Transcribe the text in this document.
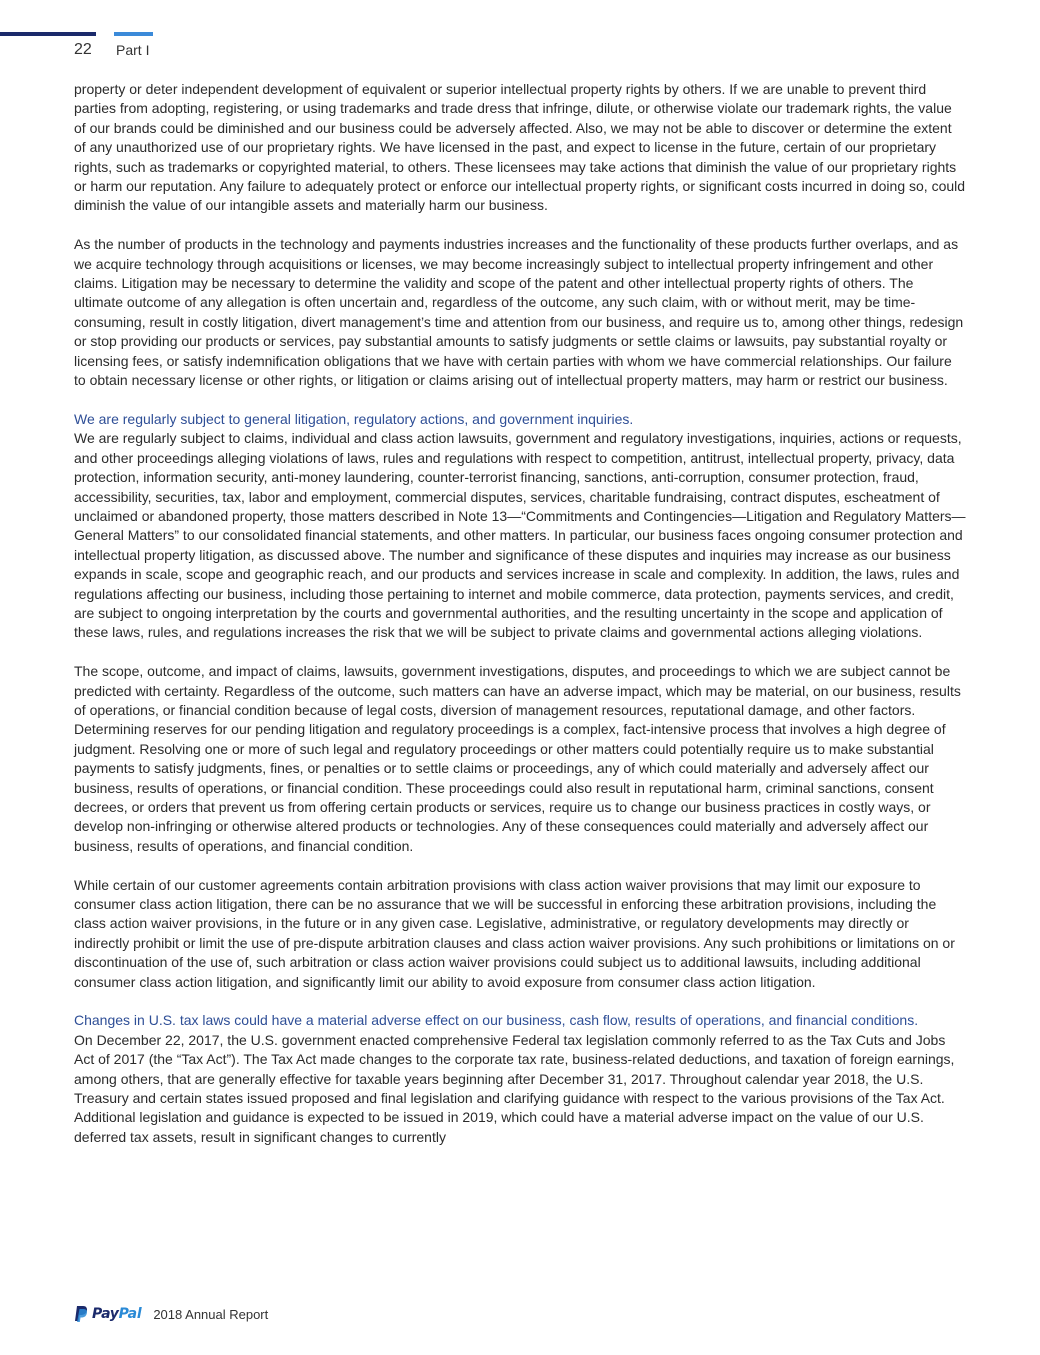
22 Part I

property or deter independent development of equivalent or superior intellectual property rights by others. If we are unable to prevent third parties from adopting, registering, or using trademarks and trade dress that infringe, dilute, or otherwise violate our trademark rights, the value of our brands could be diminished and our business could be adversely affected. Also, we may not be able to discover or determine the extent of any unauthorized use of our proprietary rights. We have licensed in the past, and expect to license in the future, certain of our proprietary rights, such as trademarks or copyrighted material, to others. These licensees may take actions that diminish the value of our proprietary rights or harm our reputation. Any failure to adequately protect or enforce our intellectual property rights, or significant costs incurred in doing so, could diminish the value of our intangible assets and materially harm our business.

As the number of products in the technology and payments industries increases and the functionality of these products further overlaps, and as we acquire technology through acquisitions or licenses, we may become increasingly subject to intellectual property infringement and other claims. Litigation may be necessary to determine the validity and scope of the patent and other intellectual property rights of others. The ultimate outcome of any allegation is often uncertain and, regardless of the outcome, any such claim, with or without merit, may be time-consuming, result in costly litigation, divert management’s time and attention from our business, and require us to, among other things, redesign or stop providing our products or services, pay substantial amounts to satisfy judgments or settle claims or lawsuits, pay substantial royalty or licensing fees, or satisfy indemnification obligations that we have with certain parties with whom we have commercial relationships. Our failure to obtain necessary license or other rights, or litigation or claims arising out of intellectual property matters, may harm or restrict our business.

We are regularly subject to general litigation, regulatory actions, and government inquiries.

We are regularly subject to claims, individual and class action lawsuits, government and regulatory investigations, inquiries, actions or requests, and other proceedings alleging violations of laws, rules and regulations with respect to competition, antitrust, intellectual property, privacy, data protection, information security, anti-money laundering, counter-terrorist financing, sanctions, anti-corruption, consumer protection, fraud, accessibility, securities, tax, labor and employment, commercial disputes, services, charitable fundraising, contract disputes, escheatment of unclaimed or abandoned property, those matters described in Note 13—“Commitments and Contingencies—Litigation and Regulatory Matters—General Matters” to our consolidated financial statements, and other matters. In particular, our business faces ongoing consumer protection and intellectual property litigation, as discussed above. The number and significance of these disputes and inquiries may increase as our business expands in scale, scope and geographic reach, and our products and services increase in scale and complexity. In addition, the laws, rules and regulations affecting our business, including those pertaining to internet and mobile commerce, data protection, payments services, and credit, are subject to ongoing interpretation by the courts and governmental authorities, and the resulting uncertainty in the scope and application of these laws, rules, and regulations increases the risk that we will be subject to private claims and governmental actions alleging violations.

The scope, outcome, and impact of claims, lawsuits, government investigations, disputes, and proceedings to which we are subject cannot be predicted with certainty. Regardless of the outcome, such matters can have an adverse impact, which may be material, on our business, results of operations, or financial condition because of legal costs, diversion of management resources, reputational damage, and other factors. Determining reserves for our pending litigation and regulatory proceedings is a complex, fact-intensive process that involves a high degree of judgment. Resolving one or more of such legal and regulatory proceedings or other matters could potentially require us to make substantial payments to satisfy judgments, fines, or penalties or to settle claims or proceedings, any of which could materially and adversely affect our business, results of operations, or financial condition. These proceedings could also result in reputational harm, criminal sanctions, consent decrees, or orders that prevent us from offering certain products or services, require us to change our business practices in costly ways, or develop non-infringing or otherwise altered products or technologies. Any of these consequences could materially and adversely affect our business, results of operations, and financial condition.

While certain of our customer agreements contain arbitration provisions with class action waiver provisions that may limit our exposure to consumer class action litigation, there can be no assurance that we will be successful in enforcing these arbitration provisions, including the class action waiver provisions, in the future or in any given case. Legislative, administrative, or regulatory developments may directly or indirectly prohibit or limit the use of pre-dispute arbitration clauses and class action waiver provisions. Any such prohibitions or limitations on or discontinuation of the use of, such arbitration or class action waiver provisions could subject us to additional lawsuits, including additional consumer class action litigation, and significantly limit our ability to avoid exposure from consumer class action litigation.

Changes in U.S. tax laws could have a material adverse effect on our business, cash flow, results of operations, and financial conditions.

On December 22, 2017, the U.S. government enacted comprehensive Federal tax legislation commonly referred to as the Tax Cuts and Jobs Act of 2017 (the “Tax Act”). The Tax Act made changes to the corporate tax rate, business-related deductions, and taxation of foreign earnings, among others, that are generally effective for taxable years beginning after December 31, 2017. Throughout calendar year 2018, the U.S. Treasury and certain states issued proposed and final legislation and clarifying guidance with respect to the various provisions of the Tax Act. Additional legislation and guidance is expected to be issued in 2019, which could have a material adverse impact on the value of our U.S. deferred tax assets, result in significant changes to currently

PayPal 2018 Annual Report
